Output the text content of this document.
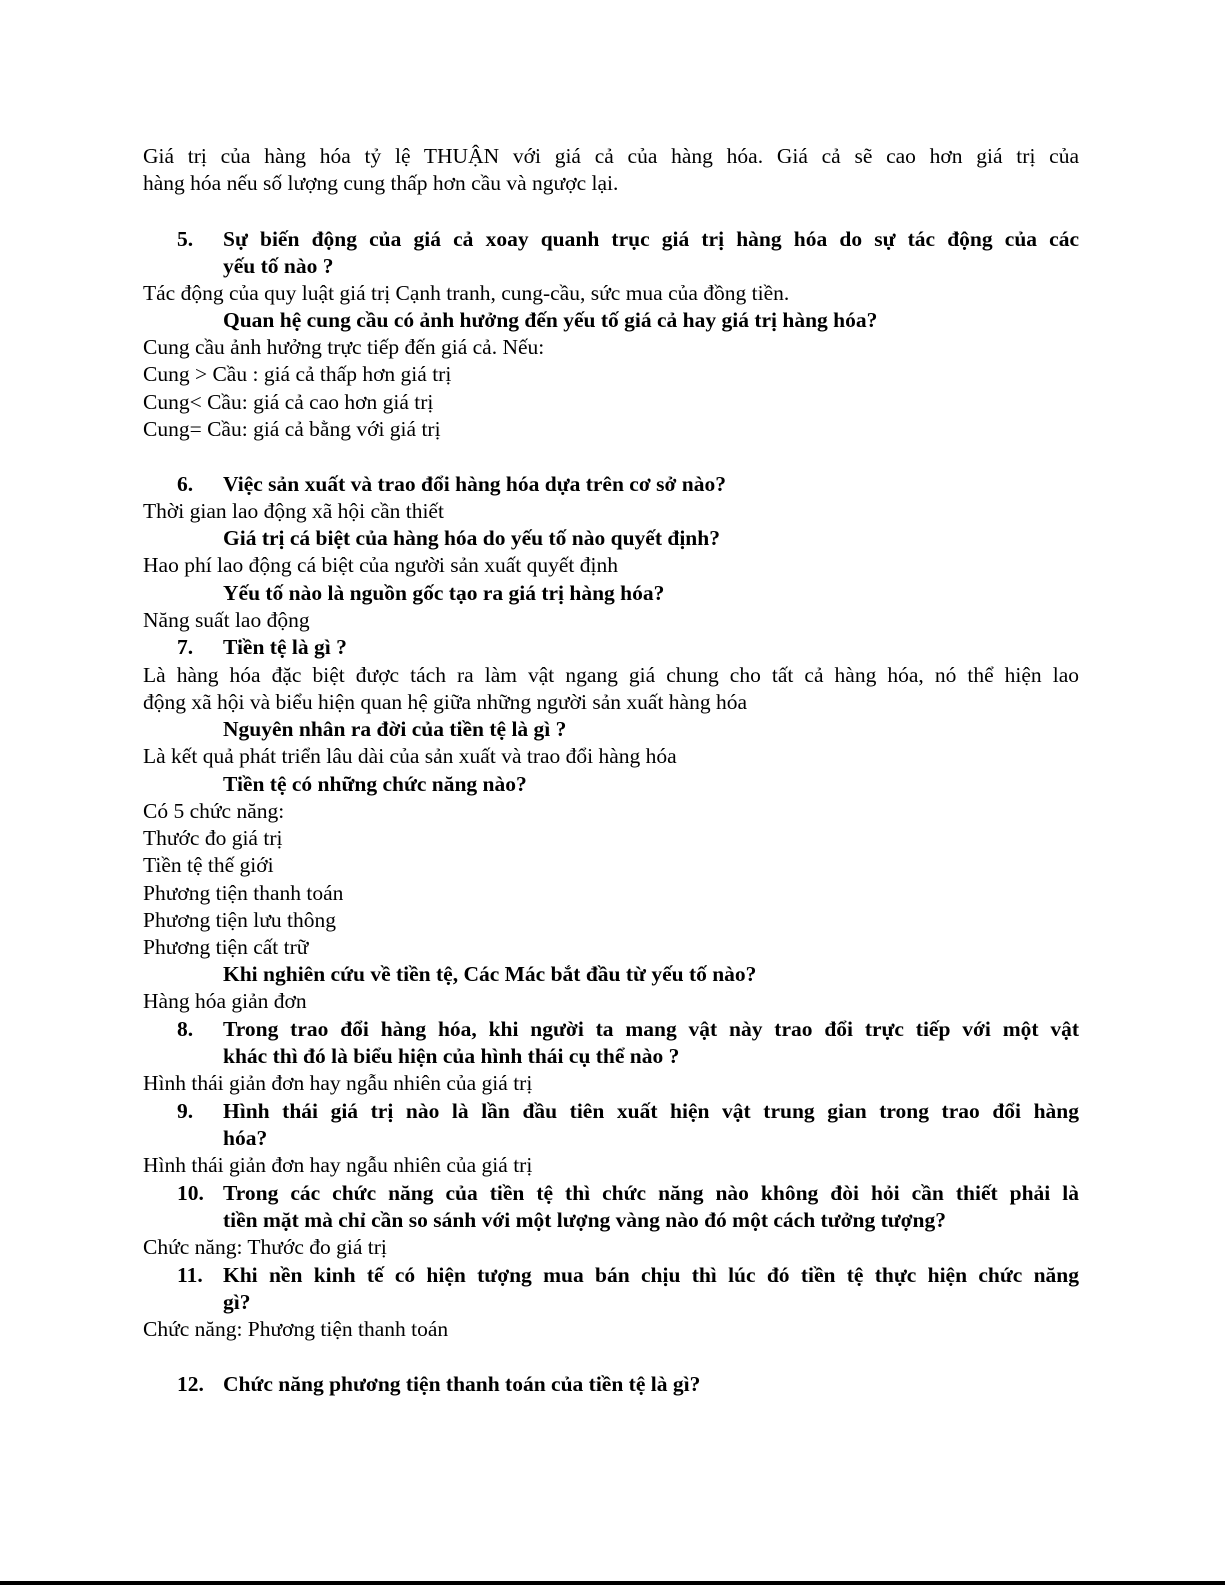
Giá trị của hàng hóa tỷ lệ THUẬN với giá cả của hàng hóa. Giá cả sẽ cao hơn giá trị của
hàng hóa nếu số lượng cung thấp hơn cầu và ngược lại.
5. Sự biến động của giá cả xoay quanh trục giá trị hàng hóa do sự tác động của các
yếu tố nào ?
Tác động của quy luật giá trị Cạnh tranh, cung-cầu, sức mua của đồng tiền.
Quan hệ cung cầu có ảnh hưởng đến yếu tố giá cả hay giá trị hàng hóa?
Cung cầu ảnh hưởng trực tiếp đến giá cả. Nếu:
Cung > Cầu : giá cả thấp hơn giá trị
Cung< Cầu: giá cả cao hơn giá trị
Cung= Cầu: giá cả bằng với giá trị
6. Việc sản xuất và trao đổi hàng hóa dựa trên cơ sở nào?
Thời gian lao động xã hội cần thiết
Giá trị cá biệt của hàng hóa do yếu tố nào quyết định?
Hao phí lao động cá biệt của người sản xuất quyết định
Yếu tố nào là nguồn gốc tạo ra giá trị hàng hóa?
Năng suất lao động
7. Tiền tệ là gì ?
Là hàng hóa đặc biệt được tách ra làm vật ngang giá chung cho tất cả hàng hóa, nó thể hiện lao
động xã hội và biểu hiện quan hệ giữa những người sản xuất hàng hóa
Nguyên nhân ra đời của tiền tệ là gì ?
Là kết quả phát triển lâu dài của sản xuất và trao đổi hàng hóa
Tiền tệ có những chức năng nào?
Có 5 chức năng:
Thước đo giá trị
Tiền tệ thế giới
Phương tiện thanh toán
Phương tiện lưu thông
Phương tiện cất trữ
Khi nghiên cứu về tiền tệ, Các Mác bắt đầu từ yếu tố nào?
Hàng hóa giản đơn
8. Trong trao đổi hàng hóa, khi người ta mang vật này trao đổi trực tiếp với một vật
khác thì đó là biểu hiện của hình thái cụ thể nào ?
Hình thái giản đơn hay ngẫu nhiên của giá trị
9. Hình thái giá trị nào là lần đầu tiên xuất hiện vật trung gian trong trao đổi hàng
hóa?
Hình thái giản đơn hay ngẫu nhiên của giá trị
10. Trong các chức năng của tiền tệ thì chức năng nào không đòi hỏi cần thiết phải là
tiền mặt mà chỉ cần so sánh với một lượng vàng nào đó một cách tưởng tượng?
Chức năng: Thước đo giá trị
11. Khi nền kinh tế có hiện tượng mua bán chịu thì lúc đó tiền tệ thực hiện chức năng
gì?
Chức năng: Phương tiện thanh toán
12. Chức năng phương tiện thanh toán của tiền tệ là gì?
